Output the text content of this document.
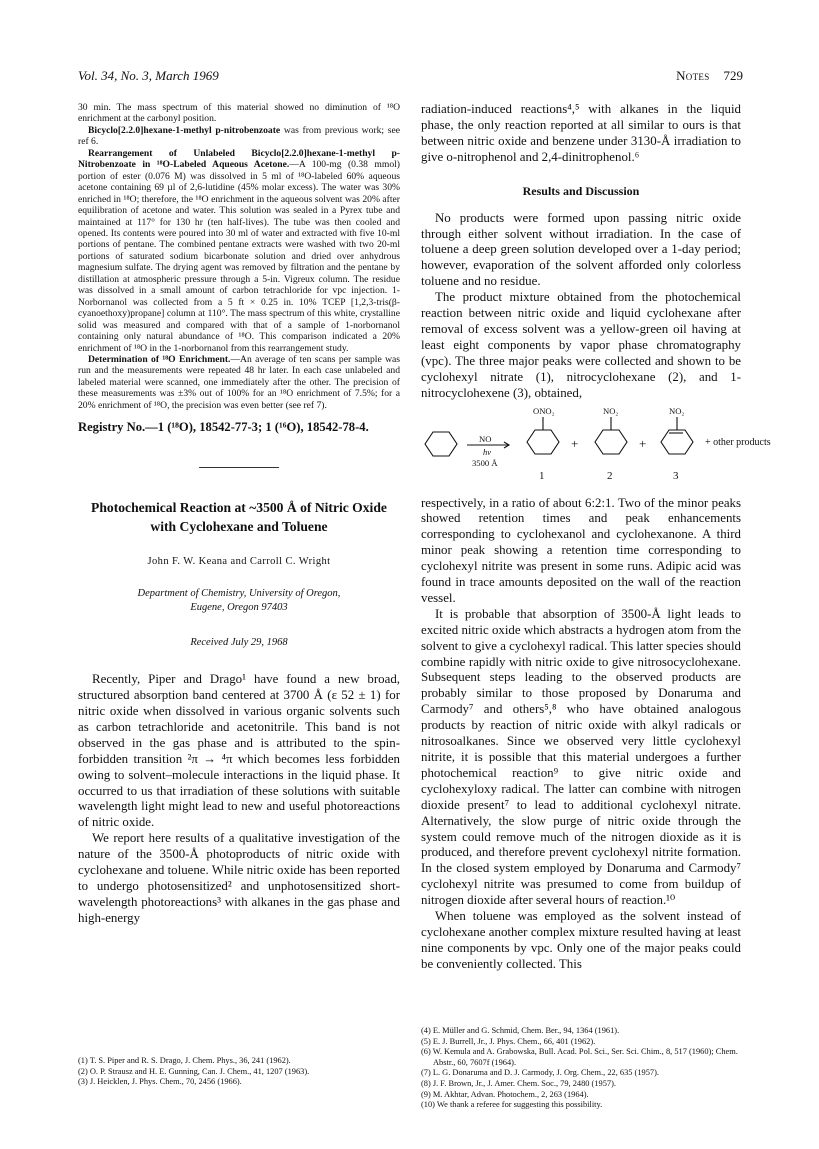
Vol. 34, No. 3, March 1969	Notes 729

30 min. The mass spectrum of this material showed no diminution of ¹⁸O enrichment at the carbonyl position.

Bicyclo[2.2.0]hexane-1-methyl p-nitrobenzoate was from previous work; see ref 6.

Rearrangement of Unlabeled Bicyclo[2.2.0]hexane-1-methyl p-Nitrobenzoate in ¹⁸O-Labeled Aqueous Acetone.—A 100-mg (0.38 mmol) portion of ester (0.076 M) was dissolved in 5 ml of ¹⁸O-labeled 60% aqueous acetone containing 69 µl of 2,6-lutidine (45% molar excess). The water was 30% enriched in ¹⁸O; therefore, the ¹⁸O enrichment in the aqueous solvent was 20% after equilibration of acetone and water. This solution was sealed in a Pyrex tube and maintained at 117° for 130 hr (ten half-lives). The tube was then cooled and opened. Its contents were poured into 30 ml of water and extracted with five 10-ml portions of pentane. The combined pentane extracts were washed with two 20-ml portions of saturated sodium bicarbonate solution and dried over anhydrous magnesium sulfate. The drying agent was removed by filtration and the pentane by distillation at atmospheric pressure through a 5-in. Vigreux column. The residue was dissolved in a small amount of carbon tetrachloride for vpc injection. 1-Norbornanol was collected from a 5 ft × 0.25 in. 10% TCEP [1,2,3-tris(β-cyanoethoxy)propane] column at 110°. The mass spectrum of this white, crystalline solid was measured and compared with that of a sample of 1-norbornanol containing only natural abundance of ¹⁸O. This comparison indicated a 20% enrichment of ¹⁸O in the 1-norbornanol from this rearrangement study.

Determination of ¹⁸O Enrichment.—An average of ten scans per sample was run and the measurements were repeated 48 hr later. In each case unlabeled and labeled material were scanned, one immediately after the other. The precision of these measurements was ±3% out of 100% for an ¹⁸O enrichment of 7.5%; for a 20% enrichment of ¹⁸O, the precision was even better (see ref 7).

Registry No.—1 (¹⁸O), 18542-77-3; 1 (¹⁶O), 18542-78-4.

Photochemical Reaction at ~3500 Å of Nitric Oxide with Cyclohexane and Toluene

John F. W. Keana and Carroll C. Wright
Department of Chemistry, University of Oregon,
Eugene, Oregon 97403
Received July 29, 1968

Recently, Piper and Drago¹ have found a new broad, structured absorption band centered at 3700 Å (ε 52 ± 1) for nitric oxide when dissolved in various organic solvents such as carbon tetrachloride and acetonitrile. This band is not observed in the gas phase and is attributed to the spin-forbidden transition ²π → ⁴π which becomes less forbidden owing to solvent–molecule interactions in the liquid phase. It occurred to us that irradiation of these solutions with suitable wavelength light might lead to new and useful photoreactions of nitric oxide.

We report here results of a qualitative investigation of the nature of the 3500-Å photoproducts of nitric oxide with cyclohexane and toluene. While nitric oxide has been reported to undergo photosensitized² and unphotosensitized short-wavelength photoreactions³ with alkanes in the gas phase and high-energy

(1) T. S. Piper and R. S. Drago, J. Chem. Phys., 36, 241 (1962).
(2) O. P. Strausz and H. E. Gunning, Can. J. Chem., 41, 1207 (1963).
(3) J. Heicklen, J. Phys. Chem., 70, 2456 (1966).

radiation-induced reactions⁴,⁵ with alkanes in the liquid phase, the only reaction reported at all similar to ours is that between nitric oxide and benzene under 3130-Å irradiation to give o-nitrophenol and 2,4-dinitrophenol.⁶

Results and Discussion

No products were formed upon passing nitric oxide through either solvent without irradiation. In the case of toluene a deep green solution developed over a 1-day period; however, evaporation of the solvent afforded only colorless toluene and no residue.

The product mixture obtained from the photochemical reaction between nitric oxide and liquid cyclohexane after removal of excess solvent was a yellow-green oil having at least eight components by vapor phase chromatography (vpc). The three major peaks were collected and shown to be cyclohexyl nitrate (1), nitrocyclohexane (2), and 1-nitrocyclohexene (3), obtained,

ONO₂	NO₂	NO₂
NO
hν
3500 Å
+	+	+ other products
1	2	3

respectively, in a ratio of about 6:2:1. Two of the minor peaks showed retention times and peak enhancements corresponding to cyclohexanol and cyclohexanone. A third minor peak showing a retention time corresponding to cyclohexyl nitrite was present in some runs. Adipic acid was found in trace amounts deposited on the wall of the reaction vessel.

It is probable that absorption of 3500-Å light leads to excited nitric oxide which abstracts a hydrogen atom from the solvent to give a cyclohexyl radical. This latter species should combine rapidly with nitric oxide to give nitrosocyclohexane. Subsequent steps leading to the observed products are probably similar to those proposed by Donaruma and Carmody⁷ and others⁵,⁸ who have obtained analogous products by reaction of nitric oxide with alkyl radicals or nitrosoalkanes. Since we observed very little cyclohexyl nitrite, it is possible that this material undergoes a further photochemical reaction⁹ to give nitric oxide and cyclohexyloxy radical. The latter can combine with nitrogen dioxide present⁷ to lead to additional cyclohexyl nitrate. Alternatively, the slow purge of nitric oxide through the system could remove much of the nitrogen dioxide as it is produced, and therefore prevent cyclohexyl nitrite formation. In the closed system employed by Donaruma and Carmody⁷ cyclohexyl nitrite was presumed to come from buildup of nitrogen dioxide after several hours of reaction.¹⁰

When toluene was employed as the solvent instead of cyclohexane another complex mixture resulted having at least nine components by vpc. Only one of the major peaks could be conveniently collected. This

(4) E. Müller and G. Schmid, Chem. Ber., 94, 1364 (1961).
(5) E. J. Burrell, Jr., J. Phys. Chem., 66, 401 (1962).
(6) W. Kemula and A. Grabowska, Bull. Acad. Pol. Sci., Ser. Sci. Chim., 8, 517 (1960); Chem. Abstr., 60, 7607f (1964).
(7) L. G. Donaruma and D. J. Carmody, J. Org. Chem., 22, 635 (1957).
(8) J. F. Brown, Jr., J. Amer. Chem. Soc., 79, 2480 (1957).
(9) M. Akhtar, Advan. Photochem., 2, 263 (1964).
(10) We thank a referee for suggesting this possibility.
